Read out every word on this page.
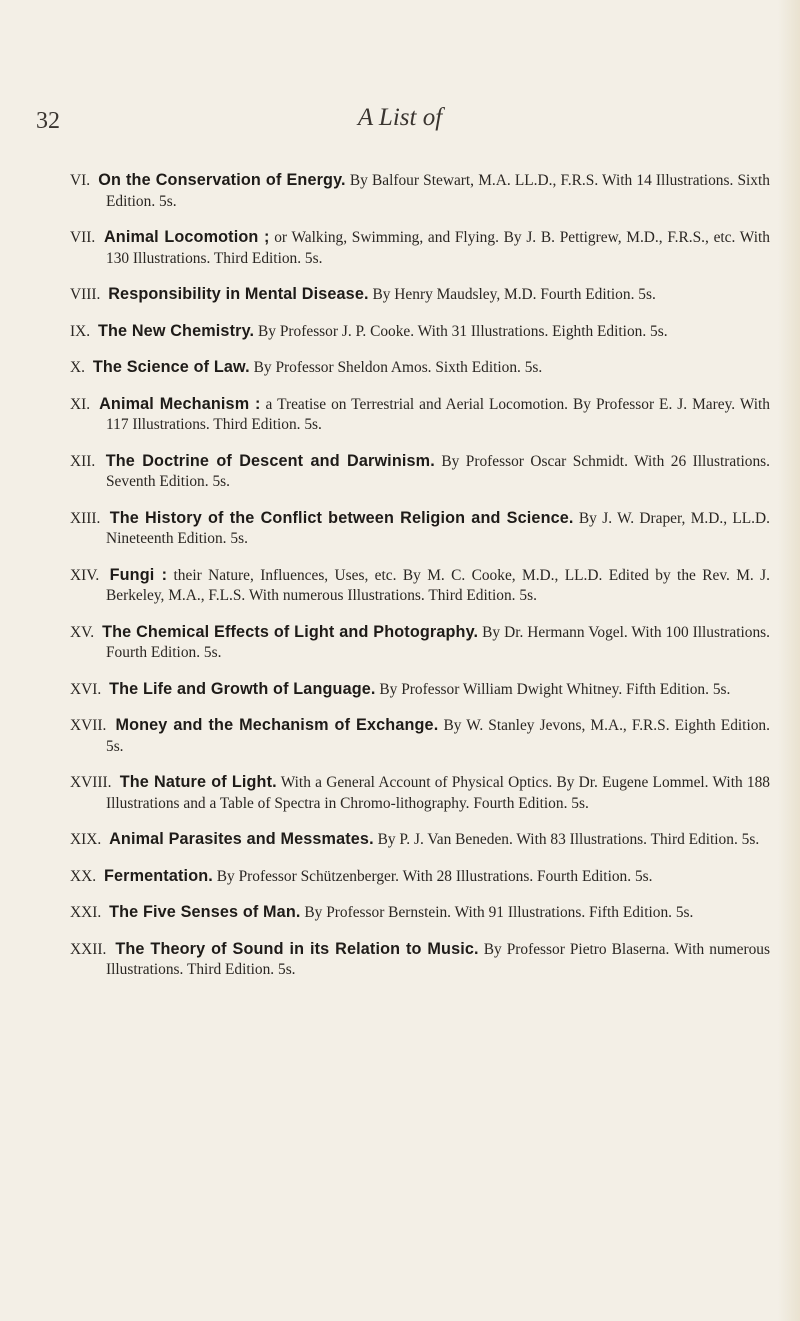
32	A List of

VI. On the Conservation of Energy. By Balfour Stewart, M.A. LL.D., F.R.S. With 14 Illustrations. Sixth Edition. 5s.

VII. Animal Locomotion ; or Walking, Swimming, and Flying. By J. B. Pettigrew, M.D., F.R.S., etc. With 130 Illustrations. Third Edition. 5s.

VIII. Responsibility in Mental Disease. By Henry Maudsley, M.D. Fourth Edition. 5s.

IX. The New Chemistry. By Professor J. P. Cooke. With 31 Illustrations. Eighth Edition. 5s.

X. The Science of Law. By Professor Sheldon Amos. Sixth Edition. 5s.

XI. Animal Mechanism : a Treatise on Terrestrial and Aerial Locomotion. By Professor E. J. Marey. With 117 Illustrations. Third Edition. 5s.

XII. The Doctrine of Descent and Darwinism. By Professor Oscar Schmidt. With 26 Illustrations. Seventh Edition. 5s.

XIII. The History of the Conflict between Religion and Science. By J. W. Draper, M.D., LL.D. Nineteenth Edition. 5s.

XIV. Fungi : their Nature, Influences, Uses, etc. By M. C. Cooke, M.D., LL.D. Edited by the Rev. M. J. Berkeley, M.A., F.L.S. With numerous Illustrations. Third Edition. 5s.

XV. The Chemical Effects of Light and Photography. By Dr. Hermann Vogel. With 100 Illustrations. Fourth Edition. 5s.

XVI. The Life and Growth of Language. By Professor William Dwight Whitney. Fifth Edition. 5s.

XVII. Money and the Mechanism of Exchange. By W. Stanley Jevons, M.A., F.R.S. Eighth Edition. 5s.

XVIII. The Nature of Light. With a General Account of Physical Optics. By Dr. Eugene Lommel. With 188 Illustrations and a Table of Spectra in Chromo-lithography. Fourth Edition. 5s.

XIX. Animal Parasites and Messmates. By P. J. Van Beneden. With 83 Illustrations. Third Edition. 5s.

XX. Fermentation. By Professor Schützenberger. With 28 Illustrations. Fourth Edition. 5s.

XXI. The Five Senses of Man. By Professor Bernstein. With 91 Illustrations. Fifth Edition. 5s.

XXII. The Theory of Sound in its Relation to Music. By Professor Pietro Blaserna. With numerous Illustrations. Third Edition. 5s.
